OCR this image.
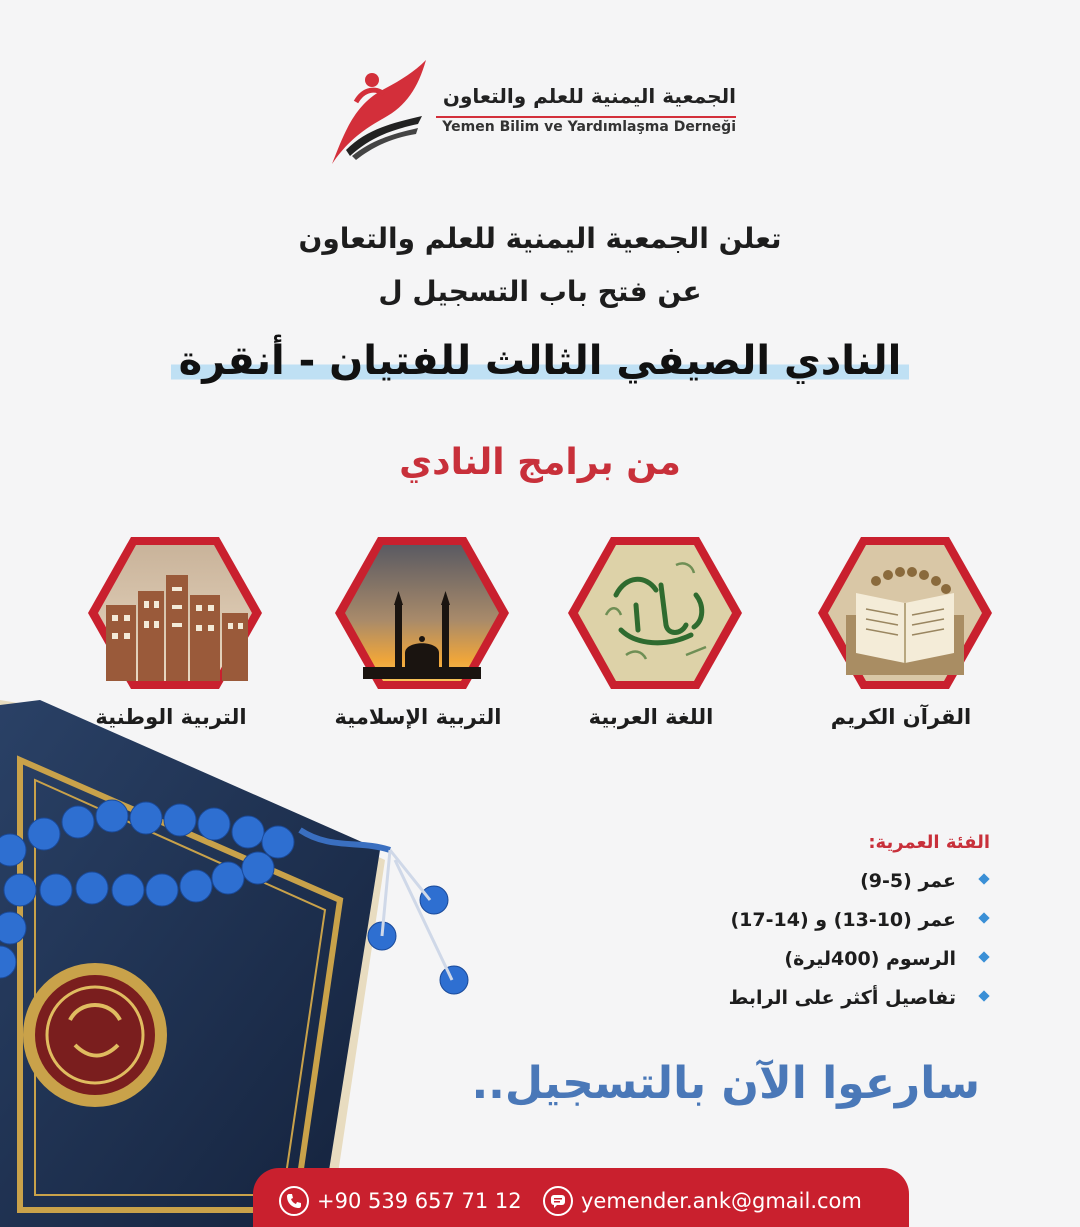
الجمعية اليمنية للعلم والتعاون
Yemen Bilim ve Yardımlaşma Derneği
تعلن الجمعية اليمنية للعلم والتعاون
عن فتح باب التسجيل ل
النادي الصيفي الثالث للفتيان - أنقرة
من برامج النادي
القرآن الكريم
اللغة العربية
التربية الإسلامية
التربية الوطنية
الفئة العمرية:
عمر (5-9)
عمر (10-13) و (14-17)
الرسوم (400ليرة)
تفاصيل أكثر على الرابط
سارعوا الآن بالتسجيل..
+90 539 657 71 12	yemender.ank@gmail.com
